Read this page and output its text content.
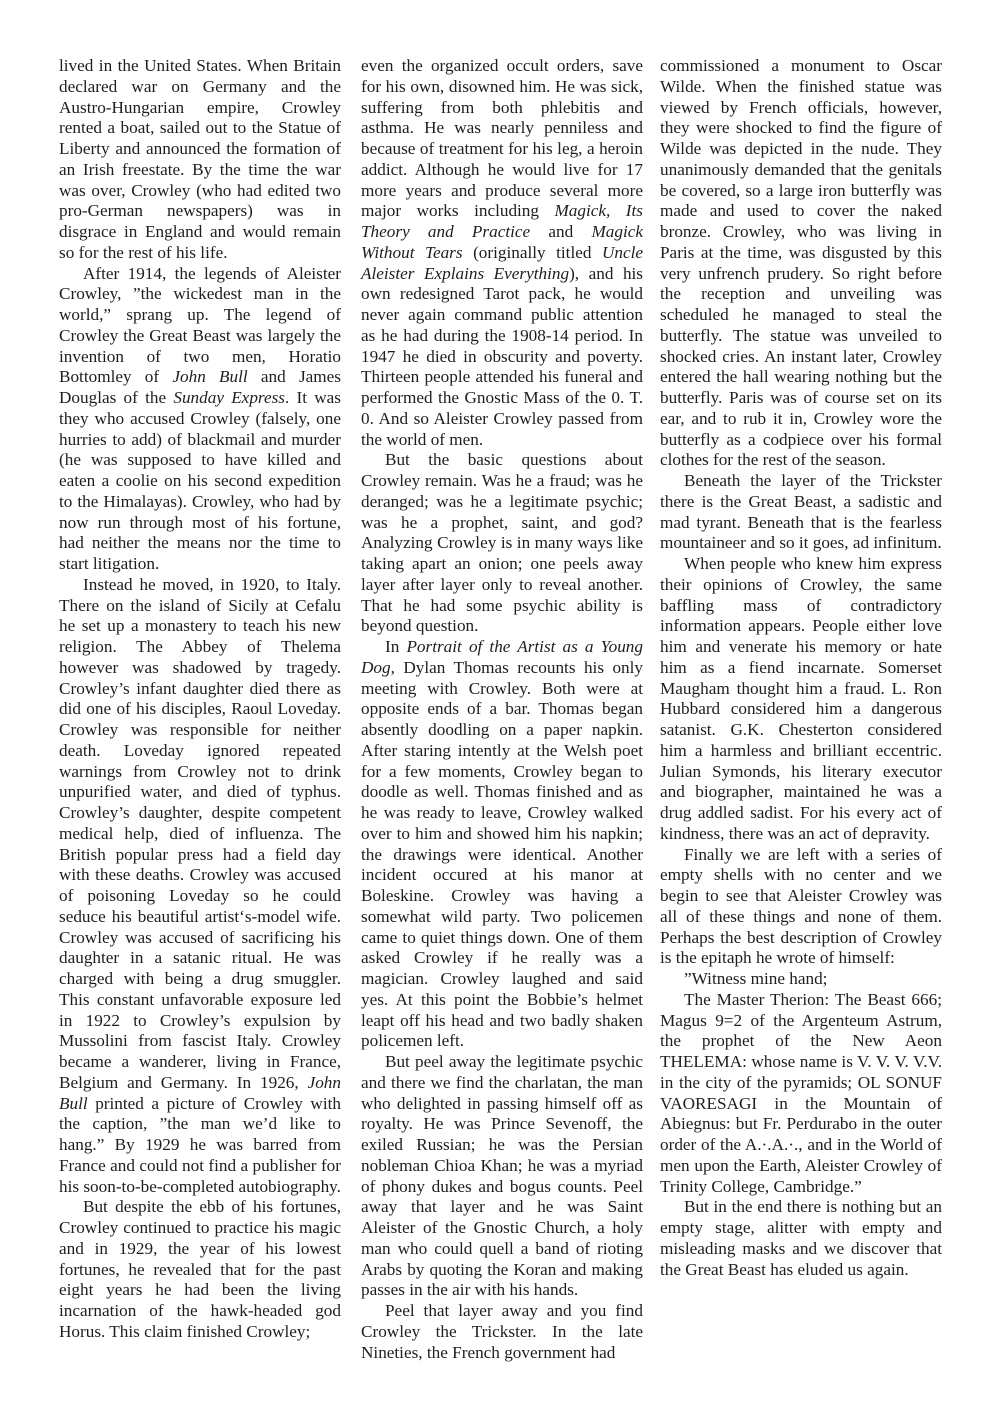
lived in the United States. When Britain declared war on Germany and the Austro-Hungarian empire, Crowley rented a boat, sailed out to the Statue of Liberty and announced the formation of an Irish freestate. By the time the war was over, Crowley (who had edited two pro-German newspapers) was in disgrace in England and would remain so for the rest of his life.

After 1914, the legends of Aleister Crowley, ”the wickedest man in the world,” sprang up. The legend of Crowley the Great Beast was largely the invention of two men, Horatio Bottomley of John Bull and James Douglas of the Sunday Express. It was they who accused Crowley (falsely, one hurries to add) of blackmail and murder (he was supposed to have killed and eaten a coolie on his second expedition to the Himalayas). Crowley, who had by now run through most of his fortune, had neither the means nor the time to start litigation.

Instead he moved, in 1920, to Italy. There on the island of Sicily at Cefalu he set up a monastery to teach his new religion. The Abbey of Thelema however was shadowed by tragedy. Crowley’s infant daughter died there as did one of his disciples, Raoul Loveday. Crowley was responsible for neither death. Loveday ignored repeated warnings from Crowley not to drink unpurified water, and died of typhus. Crowley’s daughter, despite competent medical help, died of influenza. The British popular press had a field day with these deaths. Crowley was accused of poisoning Loveday so he could seduce his beautiful artist‘s-model wife. Crowley was accused of sacrificing his daughter in a satanic ritual. He was charged with being a drug smuggler. This constant unfavorable exposure led in 1922 to Crowley’s expulsion by Mussolini from fascist Italy. Crowley became a wanderer, living in France, Belgium and Germany. In 1926, John Bull printed a picture of Crowley with the caption, ”the man we’d like to hang.” By 1929 he was barred from France and could not find a publisher for his soon-to-be-completed autobiography.

But despite the ebb of his fortunes, Crowley continued to practice his magic and in 1929, the year of his lowest fortunes, he revealed that for the past eight years he had been the living incarnation of the hawk-headed god Horus. This claim finished Crowley;

even the organized occult orders, save for his own, disowned him. He was sick, suffering from both phlebitis and asthma. He was nearly penniless and because of treatment for his leg, a heroin addict. Although he would live for 17 more years and produce several more major works including Magick, Its Theory and Practice and Magick Without Tears (originally titled Uncle Aleister Explains Everything), and his own redesigned Tarot pack, he would never again command public attention as he had during the 1908-14 period. In 1947 he died in obscurity and poverty. Thirteen people attended his funeral and performed the Gnostic Mass of the 0. T. 0. And so Aleister Crowley passed from the world of men.

But the basic questions about Crowley remain. Was he a fraud; was he deranged; was he a legitimate psychic; was he a prophet, saint, and god? Analyzing Crowley is in many ways like taking apart an onion; one peels away layer after layer only to reveal another. That he had some psychic ability is beyond question.

In Portrait of the Artist as a Young Dog, Dylan Thomas recounts his only meeting with Crowley. Both were at opposite ends of a bar. Thomas began absently doodling on a paper napkin. After staring intently at the Welsh poet for a few moments, Crowley began to doodle as well. Thomas finished and as he was ready to leave, Crowley walked over to him and showed him his napkin; the drawings were identical. Another incident occured at his manor at Boleskine. Crowley was having a somewhat wild party. Two policemen came to quiet things down. One of them asked Crowley if he really was a magician. Crowley laughed and said yes. At this point the Bobbie’s helmet leapt off his head and two badly shaken policemen left.

But peel away the legitimate psychic and there we find the charlatan, the man who delighted in passing himself off as royalty. He was Prince Sevenoff, the exiled Russian; he was the Persian nobleman Chioa Khan; he was a myriad of phony dukes and bogus counts. Peel away that layer and he was Saint Aleister of the Gnostic Church, a holy man who could quell a band of rioting Arabs by quoting the Koran and making passes in the air with his hands.

Peel that layer away and you find Crowley the Trickster. In the late Nineties, the French government had

commissioned a monument to Oscar Wilde. When the finished statue was viewed by French officials, however, they were shocked to find the figure of Wilde was depicted in the nude. They unanimously demanded that the genitals be covered, so a large iron butterfly was made and used to cover the naked bronze. Crowley, who was living in Paris at the time, was disgusted by this very unfrench prudery. So right before the reception and unveiling was scheduled he managed to steal the butterfly. The statue was unveiled to shocked cries. An instant later, Crowley entered the hall wearing nothing but the butterfly. Paris was of course set on its ear, and to rub it in, Crowley wore the butterfly as a codpiece over his formal clothes for the rest of the season.

Beneath the layer of the Trickster there is the Great Beast, a sadistic and mad tyrant. Beneath that is the fearless mountaineer and so it goes, ad infinitum.

When people who knew him express their opinions of Crowley, the same baffling mass of contradictory information appears. People either love him and venerate his memory or hate him as a fiend incarnate. Somerset Maugham thought him a fraud. L. Ron Hubbard considered him a dangerous satanist. G.K. Chesterton considered him a harmless and brilliant eccentric. Julian Symonds, his literary executor and biographer, maintained he was a drug addled sadist. For his every act of kindness, there was an act of depravity.

Finally we are left with a series of empty shells with no center and we begin to see that Aleister Crowley was all of these things and none of them. Perhaps the best description of Crowley is the epitaph he wrote of himself:

”Witness mine hand;

The Master Therion: The Beast 666; Magus 9=2 of the Argenteum Astrum, the prophet of the New Aeon THELEMA: whose name is V. V. V. V.V. in the city of the pyramids; OL SONUF VAORESAGI in the Mountain of Abiegnus: but Fr. Perdurabo in the outer order of the A.·.A.·., and in the World of men upon the Earth, Aleister Crowley of Trinity College, Cambridge.”

But in the end there is nothing but an empty stage, alitter with empty and misleading masks and we discover that the Great Beast has eluded us again.
